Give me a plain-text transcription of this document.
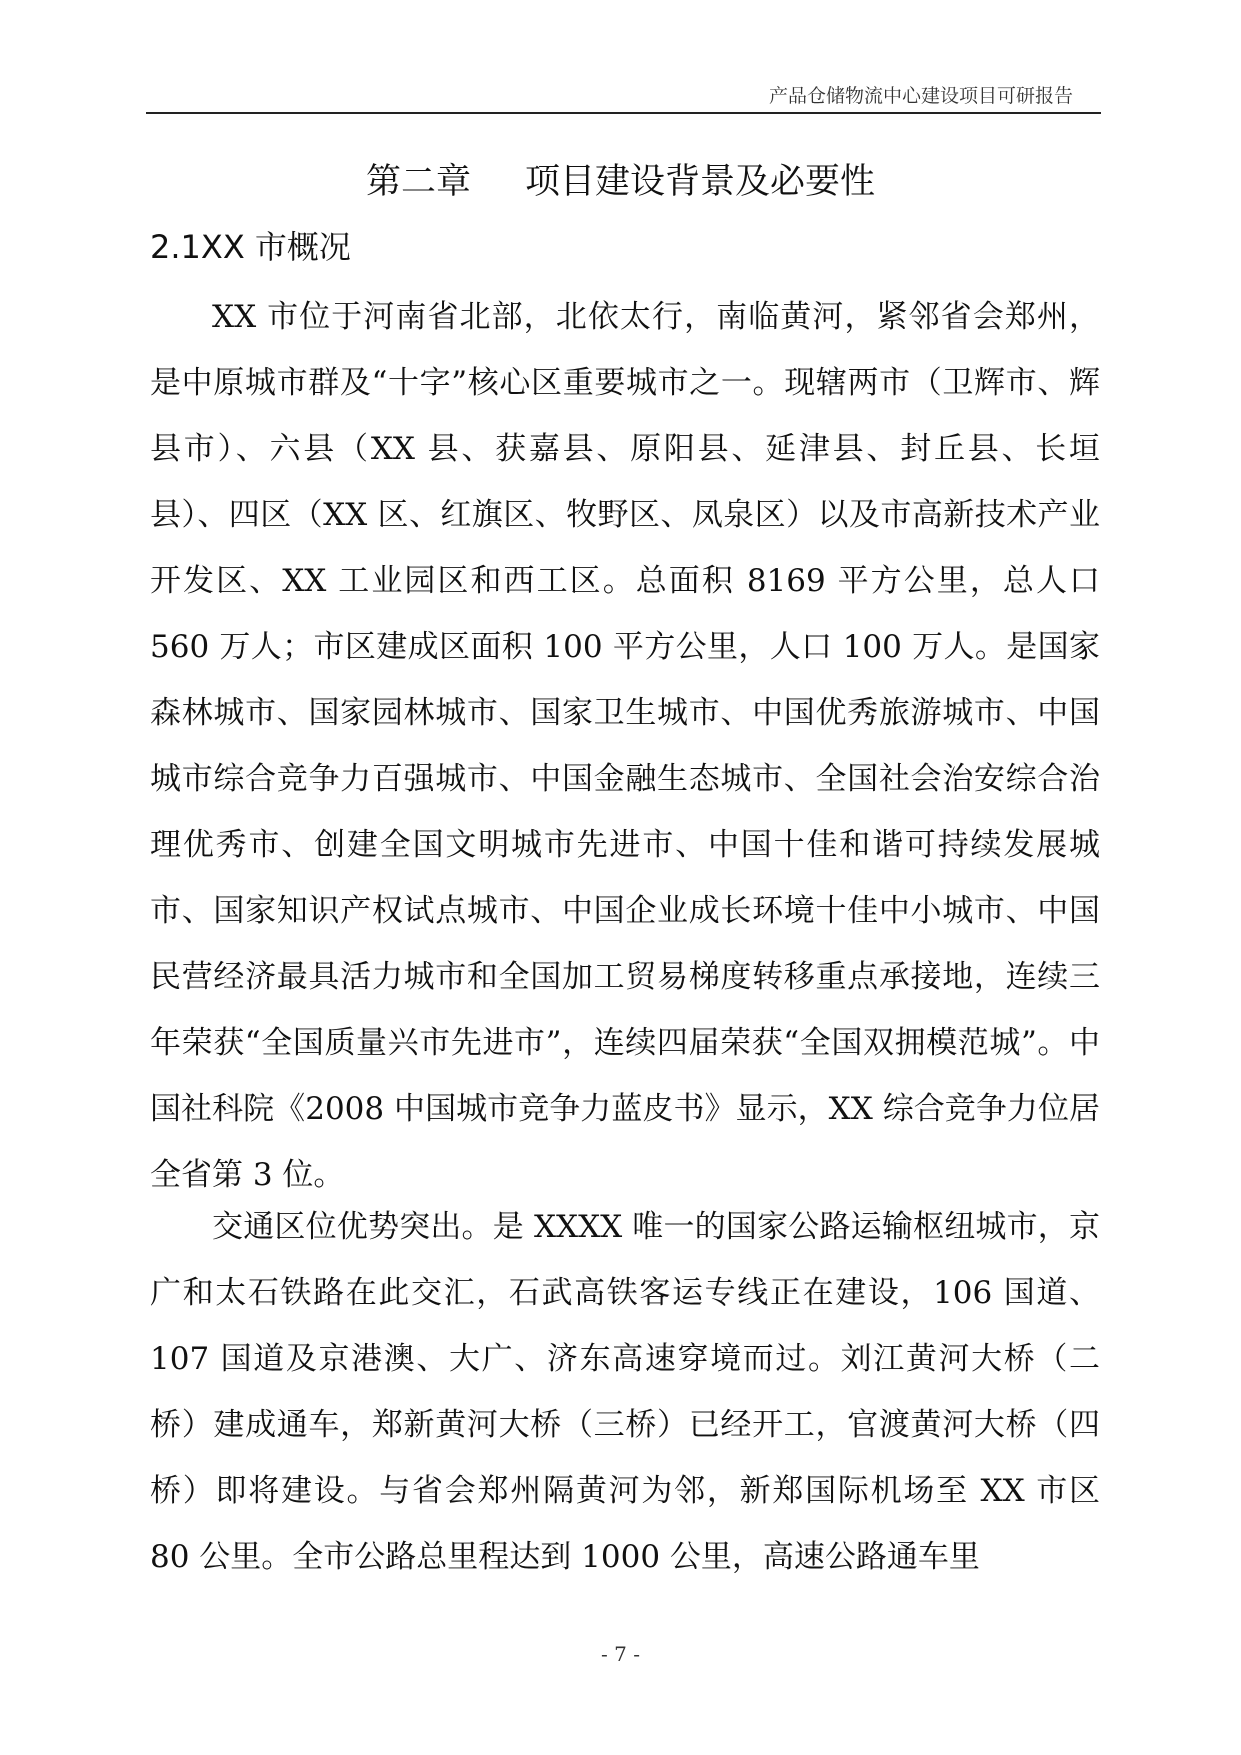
产品仓储物流中心建设项目可研报告
第二章 项目建设背景及必要性
2.1XX 市概况

XX 市位于河南省北部，北依太行，南临黄河，紧邻省会郑州，是中原城市群及“十字”核心区重要城市之一。现辖两市（卫辉市、辉县市）、六县（XX 县、获嘉县、原阳县、延津县、封丘县、长垣县）、四区（XX 区、红旗区、牧野区、凤泉区）以及市高新技术产业开发区、XX 工业园区和西工区。总面积 8169 平方公里，总人口 560 万人；市区建成区面积 100 平方公里，人口 100 万人。是国家森林城市、国家园林城市、国家卫生城市、中国优秀旅游城市、中国城市综合竞争力百强城市、中国金融生态城市、全国社会治安综合治理优秀市、创建全国文明城市先进市、中国十佳和谐可持续发展城市、国家知识产权试点城市、中国企业成长环境十佳中小城市、中国民营经济最具活力城市和全国加工贸易梯度转移重点承接地，连续三年荣获“全国质量兴市先进市”，连续四届荣获“全国双拥模范城”。中国社科院《2008 中国城市竞争力蓝皮书》显示，XX 综合竞争力位居全省第 3 位。

交通区位优势突出。是 XXXX 唯一的国家公路运输枢纽城市，京广和太石铁路在此交汇，石武高铁客运专线正在建设，106 国道、107 国道及京港澳、大广、济东高速穿境而过。刘江黄河大桥（二桥）建成通车，郑新黄河大桥（三桥）已经开工，官渡黄河大桥（四桥）即将建设。与省会郑州隔黄河为邻，新郑国际机场至 XX 市区 80 公里。全市公路总里程达到 1000 公里，高速公路通车里

- 7 -
